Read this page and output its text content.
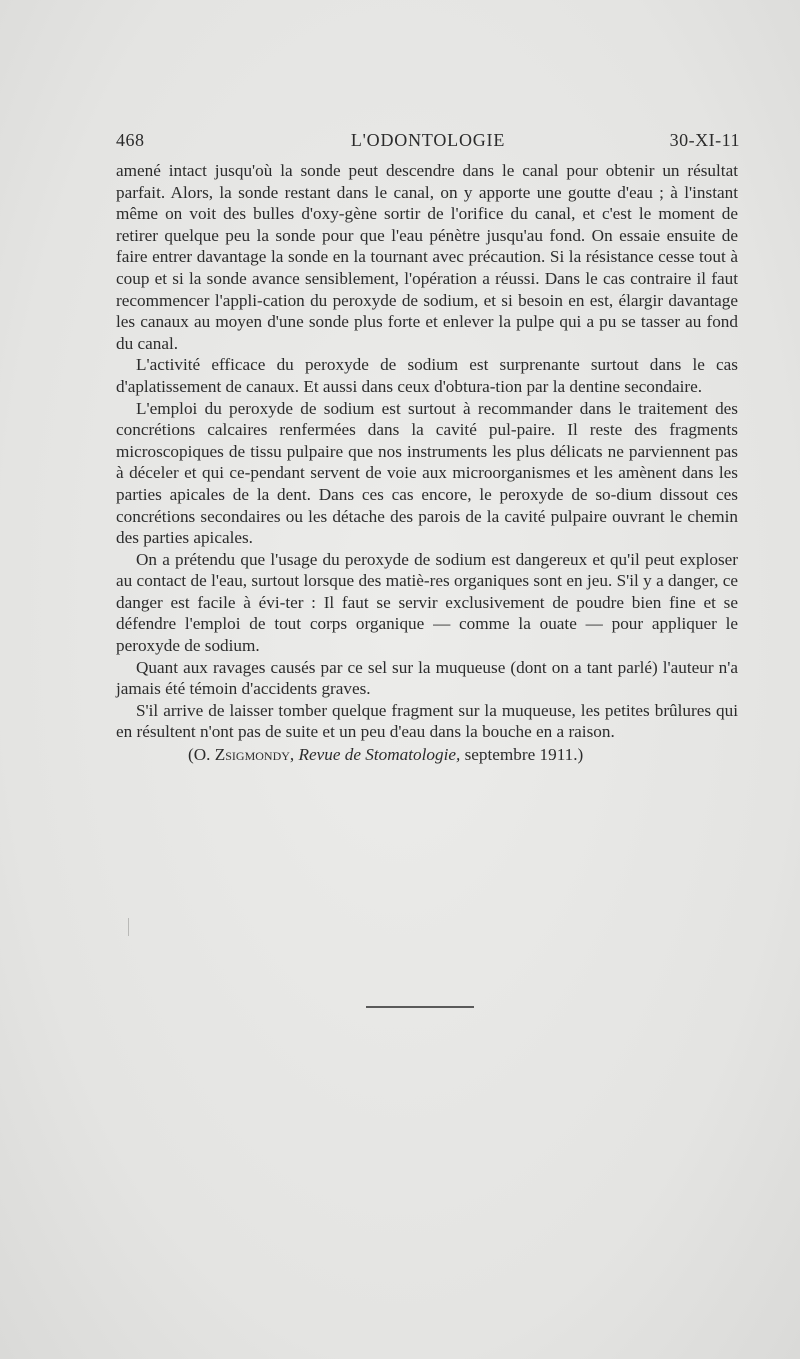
468	L'ODONTOLOGIE	30-XI-11

amené intact jusqu'où la sonde peut descendre dans le canal pour obtenir un résultat parfait. Alors, la sonde restant dans le canal, on y apporte une goutte d'eau ; à l'instant même on voit des bulles d'oxy-gène sortir de l'orifice du canal, et c'est le moment de retirer quelque peu la sonde pour que l'eau pénètre jusqu'au fond. On essaie ensuite de faire entrer davantage la sonde en la tournant avec précaution. Si la résistance cesse tout à coup et si la sonde avance sensiblement, l'opération a réussi. Dans le cas contraire il faut recommencer l'appli-cation du peroxyde de sodium, et si besoin en est, élargir davantage les canaux au moyen d'une sonde plus forte et enlever la pulpe qui a pu se tasser au fond du canal.

L'activité efficace du peroxyde de sodium est surprenante surtout dans le cas d'aplatissement de canaux. Et aussi dans ceux d'obtura-tion par la dentine secondaire.

L'emploi du peroxyde de sodium est surtout à recommander dans le traitement des concrétions calcaires renfermées dans la cavité pul-paire. Il reste des fragments microscopiques de tissu pulpaire que nos instruments les plus délicats ne parviennent pas à déceler et qui ce-pendant servent de voie aux microorganismes et les amènent dans les parties apicales de la dent. Dans ces cas encore, le peroxyde de so-dium dissout ces concrétions secondaires ou les détache des parois de la cavité pulpaire ouvrant le chemin des parties apicales.

On a prétendu que l'usage du peroxyde de sodium est dangereux et qu'il peut exploser au contact de l'eau, surtout lorsque des matiè-res organiques sont en jeu. S'il y a danger, ce danger est facile à évi-ter : Il faut se servir exclusivement de poudre bien fine et se défendre l'emploi de tout corps organique — comme la ouate — pour appliquer le peroxyde de sodium.

Quant aux ravages causés par ce sel sur la muqueuse (dont on a tant parlé) l'auteur n'a jamais été témoin d'accidents graves.

S'il arrive de laisser tomber quelque fragment sur la muqueuse, les petites brûlures qui en résultent n'ont pas de suite et un peu d'eau dans la bouche en a raison.

(O. Zsigmondy, Revue de Stomatologie, septembre 1911.)
